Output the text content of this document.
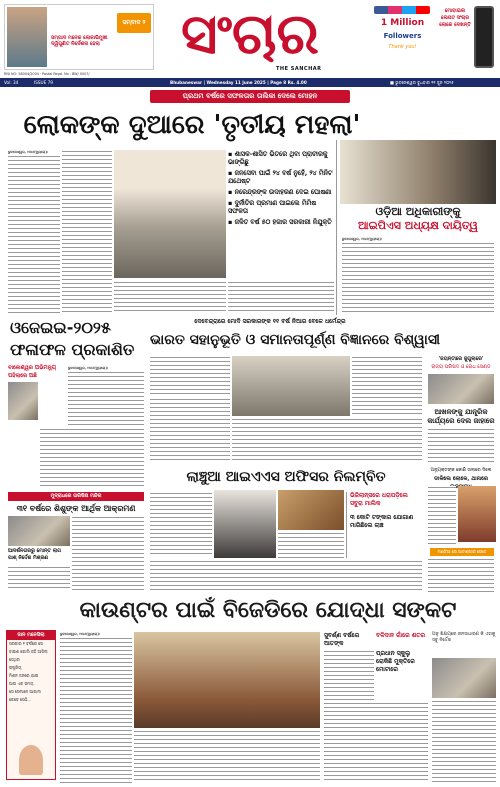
ସମ୍ପାଦ ମନେକ ଲୋକାଭିମୁଖୀ ଦ୍ୱିଗୁଣିତ ନିର୍ଦେଶନା ହେଲା
ସମ୍ବାଦ ୨ ସଂଚାର
THE SANCHAR
1 Million
Followers
Thank you!
ମୋବାଇଲ ଲେପଟ ସଂଚାର ଲୋକେ ଦେଖନ୍ତି
RNI NO: 58004/2004 · Postal Regd. No : BW/ 0007/
Vol: 34	ISSUE 79	Bhubaneswar | Wednesday 11 June 2025 | Page 8 Rs. 4.00	■ ଭୁବନେଶ୍ୱର ବୁଧବାର ୧୧ ଜୁନ ୨୦୨୫
ପ୍ରଥମ ବର୍ଷରେ ସଫଳତାର ତାଲିକା ଦେଲେ ମୋହନ
ଲୋକଙ୍କ ଦୁଆରେ 'ତୃତୀୟ ମହଲା'
ଭୁବନେଶ୍ୱର, ୧୦ା୬(ବ୍ୟୁରୋ):	▪ ଶାସକ-ଶାସିତ ଭିତରେ ଥିବା ପ୍ରାଚୀରକୁ ଭାଙ୍ଗିଛୁ
▪ ଜନସେବା ପାଇଁ ୨୪ ବର୍ଷ ନୁହେଁ, ୨୪ ମିନିଟ ଯଥେଷ୍ଟ
▪ ନରେନ୍ଦ୍ରଙ୍କ ଉଦାହରଣ ଦେଇ ଘୋଷଣା
▪ ଦୁର୍ନୀତିର ପ୍ରମାଣ ପାଇଲେ ମିମିଷ ସଫଳତା
▪ ଜଳିତ ବର୍ଷ ୫୦ ହଜାର ସରକାରୀ ନିଯୁକ୍ତି
ଓଡ଼ିଆ ଅଧିକାରୀଙ୍କୁ
ଆଇପିଏସ ଅଧ୍ୟକ୍ଷ ଦାୟିତ୍ୱ
ଭୁବନେଶ୍ୱର, ୧୦ା୬(ବ୍ୟୁରୋ):
ଦେବେନ୍ଦ୍ରାରେ ମୋଦି ସରକାରଙ୍କ ୧୧ ବର୍ଷ ନିଆର ବେଳେ ଧର୍ମେନ୍ଦ୍ର
ଭାରତ ସହାନୁଭୂତି ଓ ସମାନତାପୂର୍ଣ୍ଣ ବିଜ୍ଞାନରେ ବିଶ୍ୱାସୀ
ଓଜେଇଇ-୨୦୨୫
ଫଳାଫଳ ପ୍ରକାଶିତ
ବାଲେଶ୍ୱର ଅଭିମନ୍ୟୁ
ପହିଲାରେ ଅଛି
ଭୁବନେଶ୍ୱର, ୧୦ା୬(ବ୍ୟୁରୋ):
ମୁଦ୍ରାଧରେ ତାରିଷିଷ ମନ୍ଦିର
୩୧ ବର୍ଷରେ ଶିଶୁଙ୍କ ଆର୍ଥିକ ଆକ୍ରମଣ
ଆଦର୍ଶନଗରରୁ ମୋନ୍ତ ଲାଗ ପାଶ୍ ନିର୍ଦ୍ଦେଶ ମିଶ୍ରଣ
ଲାଞ୍ଚୁଆ ଆଇଏଏସ ଅଫିସର ନିଲମ୍ବିତ
ଭିଜିଲାନ୍ସରେ ଧରାପଡ଼ିଲେ ସବୁରା ମାଲିକ
୩ କୋଟି ଟଙ୍କାର ଯୋଗାଣ ମାରିଛିଲେ ଲାଞ୍ଚ
'ଜୟନ୍ତୀରେ ଜୁଗୁଲାରେ'
ରାଜ୍ୟ ପରିଷଦ ଓ ରୋଧ ସେଣ୍ଡ
ଆଖଳଙ୍କୁ ଯାନ୍ତ୍ରିକ
କାର୍ଯ୍ୟରେ ଦେଲ ଜାହାରେ
ଅନ୍ୟୁକ୍ତଙ୍କ କୋଣି ତାଲାରେ ଦିଲେ
ଡାକିଲେ ଲୋକେ, ଥାନାରେ
ମଣ୍ଡିଆ ରେ ଆଟାଣ୍ଡାର ସେତେ
କାଉଣ୍ଟର ପାଇଁ ବିଜେଡିରେ ଯୋଦ୍ଧା ସଙ୍କଟ
ଜାନ ମନେସିଲା
ସରକାର ୧ ବର୍ଷରେ ସେ
ବାଇଶ ଗୋଲି କହି ଆସିଲା
ସେଥିର
ରାଷ୍ଟ୍ରିୟ
ମିଶନ ଜନରେ ଯାଇ
ଆଉ ଏକ ସମୟ
ସେ ସେମାନେ ଆଗାମୀ
କେବେ ସେଠି...
ଭୁବନେଶ୍ୱର, ୧୦ା୬(ବ୍ୟୁରୋ):	ସୁବର୍ଣ୍ଣ ବର୍ଷରେ ଆତଙ୍କ
ବଳିଦାନ ଗାଁରେ ଶତର
ପ୍ରଧାନ ସ୍କୁଲୁ ରୋକିଛି ମୁକ୍ତିରେ ମୋଟାରେ
ଅନୁ ଶିକ୍ଷୟରେ ଜନସାଧାରଣ କି ଏହାକୁ ସବୁ ନିର୍ଦ୍ଦେଶ
